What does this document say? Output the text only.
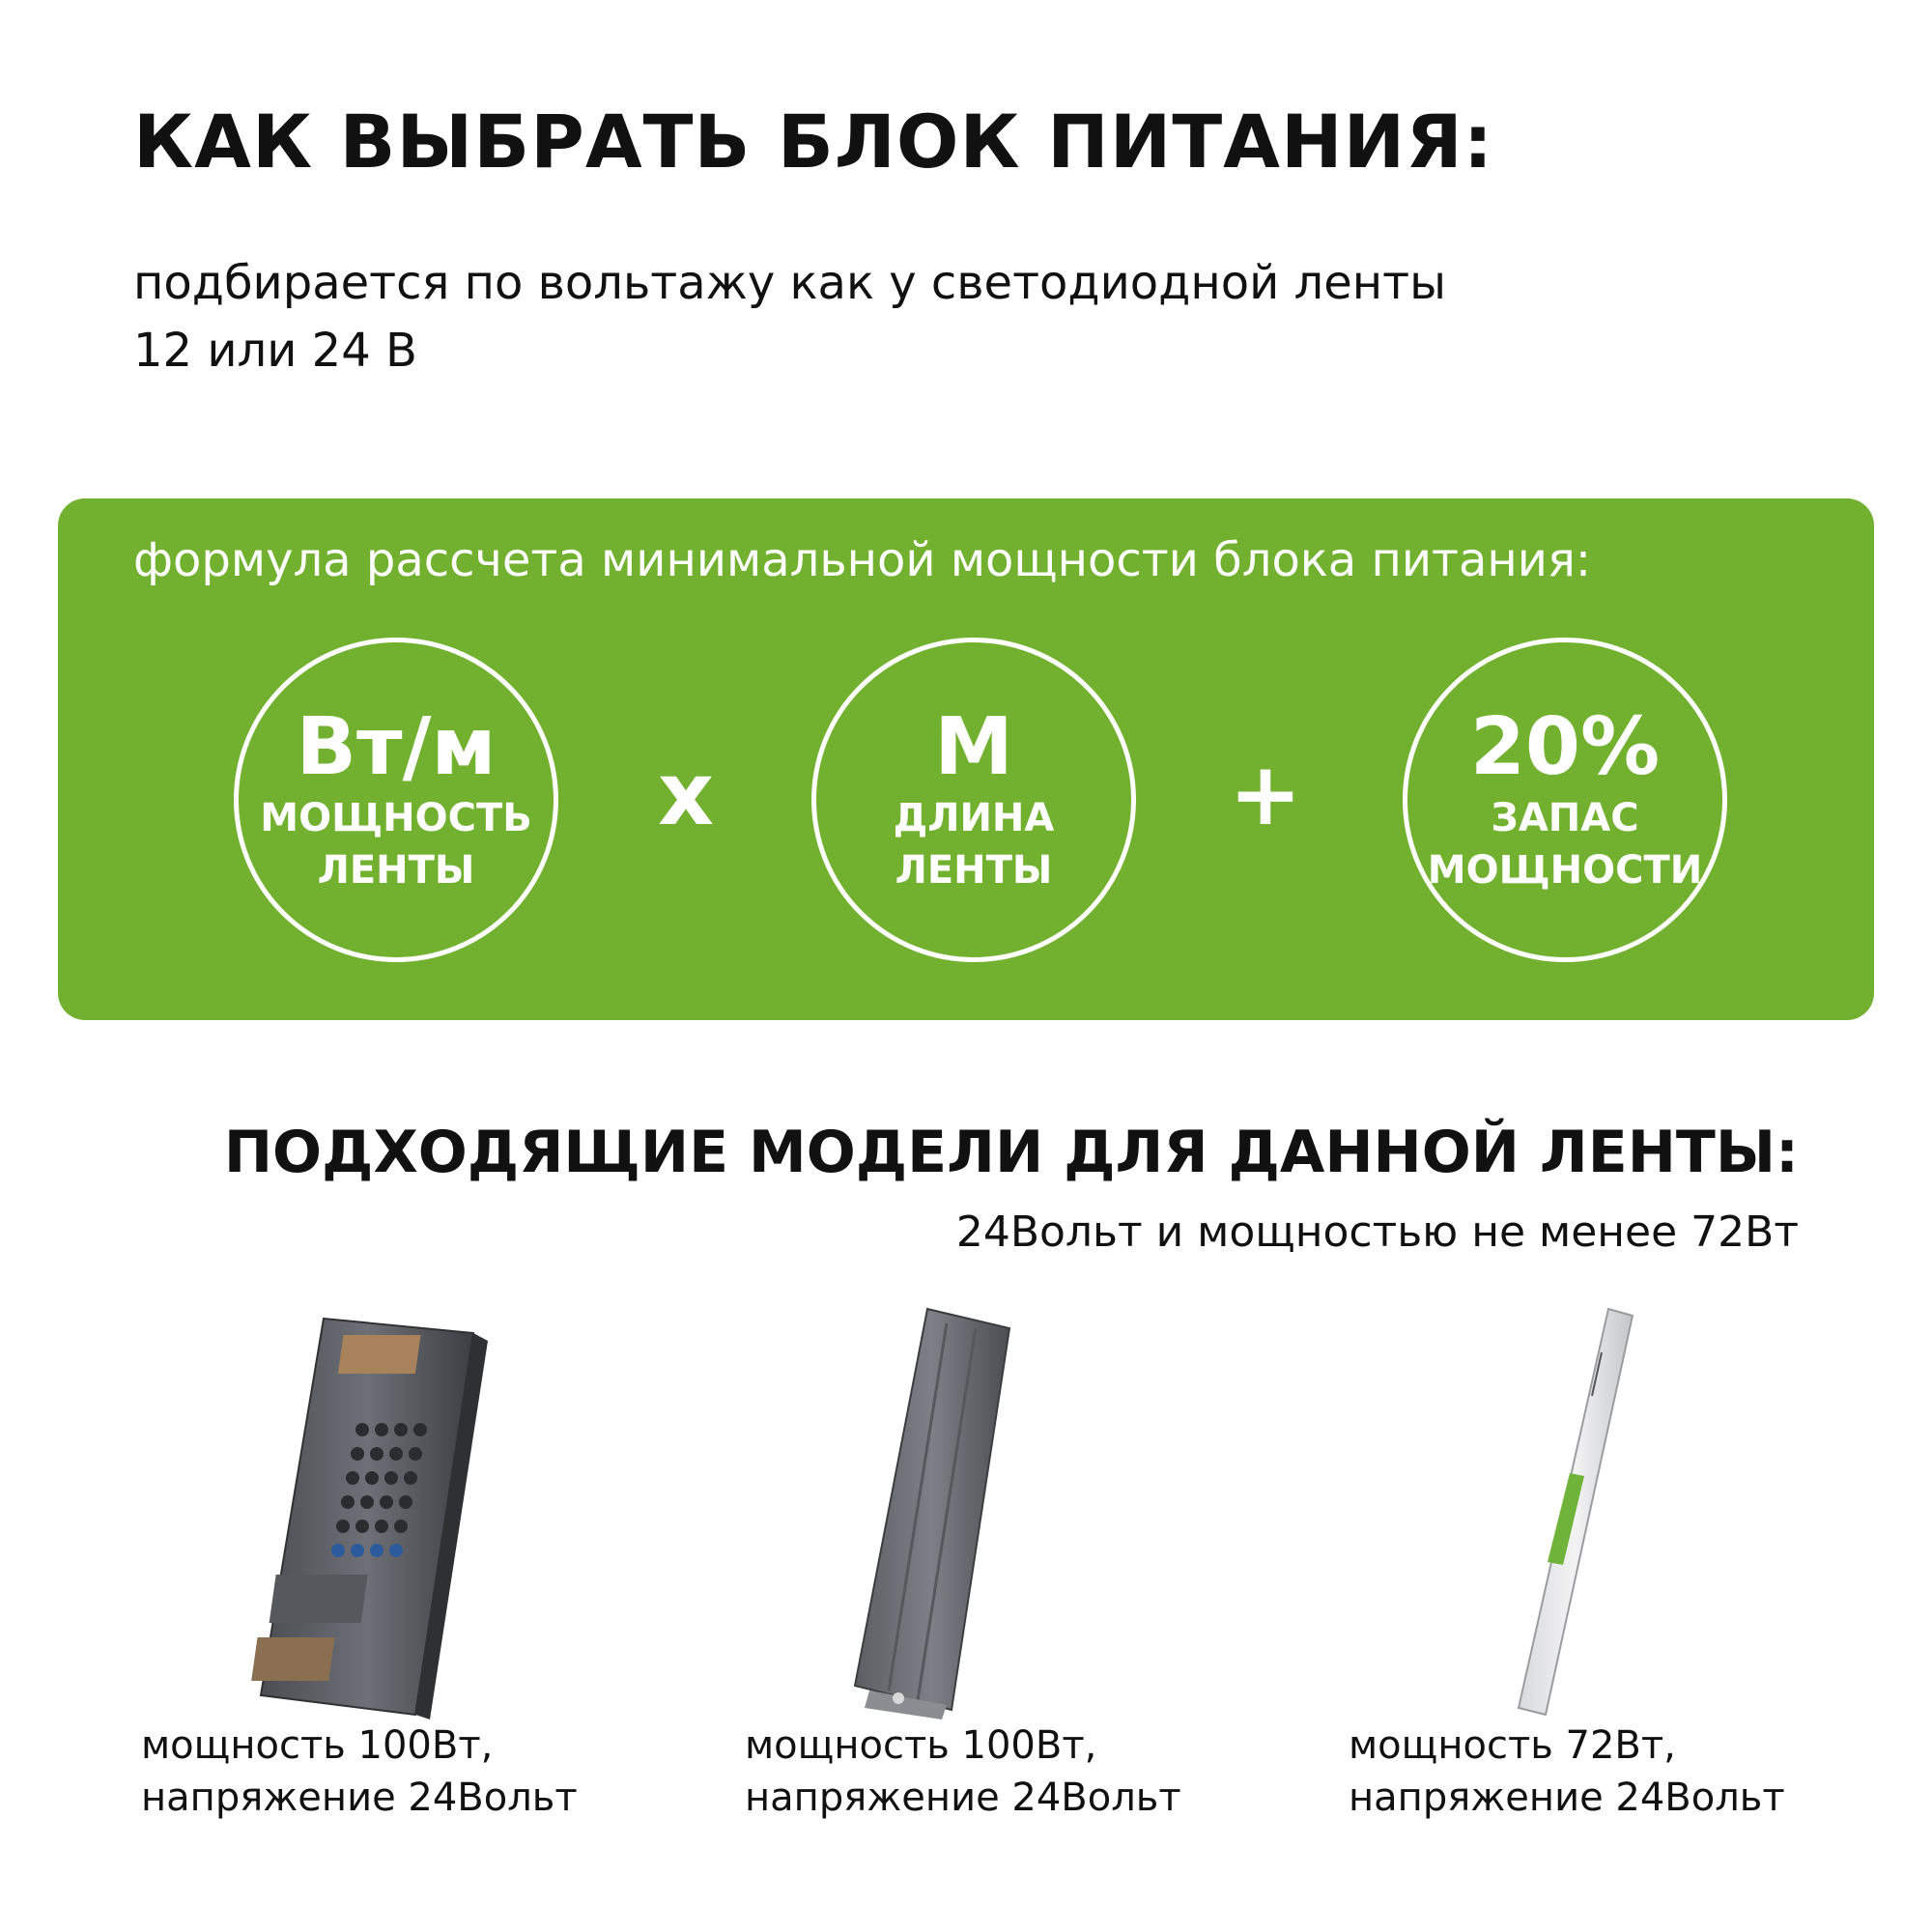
КАК ВЫБРАТЬ БЛОК ПИТАНИЯ:
подбирается по вольтажу как у светодиодной ленты
12 или 24 В
формула рассчета минимальной мощности блока питания:
Вт/м
МОЩНОСТЬ
ЛЕНТЫ
x	М
ДЛИНА
ЛЕНТЫ
+ 20%
ЗАПАС
МОЩНОСТИ
ПОДХОДЯЩИЕ МОДЕЛИ ДЛЯ ДАННОЙ ЛЕНТЫ:
24Вольт и мощностью не менее 72Вт
мощность 100Вт,
напряжение 24Вольт
мощность 100Вт,
напряжение 24Вольт
мощность 72Вт,
напряжение 24Вольт
